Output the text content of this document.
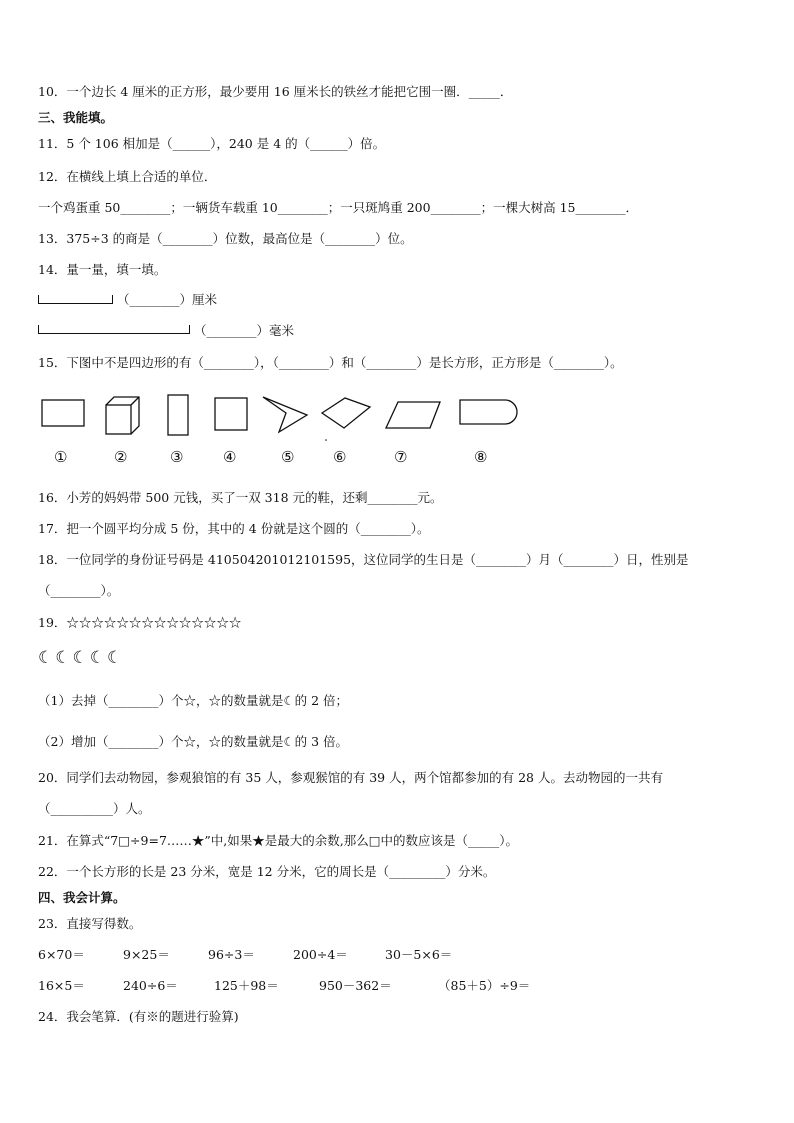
10．一个边长 4 厘米的正方形，最少要用 16 厘米长的铁丝才能把它围一圈．_____．
三、我能填。
11．5 个 106 相加是（______），240 是 4 的（______）倍。
12．在横线上填上合适的单位．
一个鸡蛋重 50________；一辆货车载重 10________；一只斑鸠重 200________；一棵大树高 15________．
13．375÷3 的商是（________）位数，最高位是（________）位。
14．量一量，填一填。
（________）厘米
（________）毫米
15．下图中不是四边形的有（________），（________）和（________）是长方形，正方形是（________）。
①	②	③	④	⑤	⑥	⑦	⑧
16．小芳的妈妈带 500 元钱，买了一双 318 元的鞋，还剩________元。
17．把一个圆平均分成 5 份，其中的 4 份就是这个圆的（________）。
18．一位同学的身份证号码是 410504201012101595，这位同学的生日是（________）月（________）日，性别是
（________）。
19．☆☆☆☆☆☆☆☆☆☆☆☆☆☆
☾☾☾☾☾
（1）去掉（________）个☆，☆的数量就是☾的 2 倍；
（2）增加（________）个☆，☆的数量就是☾的 3 倍。
20．同学们去动物园，参观狼馆的有 35 人，参观猴馆的有 39 人，两个馆都参加的有 28 人。去动物园的一共有
（__________）人。
21．在算式“7□÷9=7……★”中,如果★是最大的余数,那么□中的数应该是（_____）。
22．一个长方形的长是 23 分米，宽是 12 分米，它的周长是（_________）分米。
四、我会计算。
23．直接写得数。
6×70＝	9×25＝	96÷3＝	200÷4＝	30－5×6＝
16×5＝	240÷6＝	125＋98＝	950－362＝	（85＋5）÷9＝
24．我会笔算．(有※的题进行验算)
